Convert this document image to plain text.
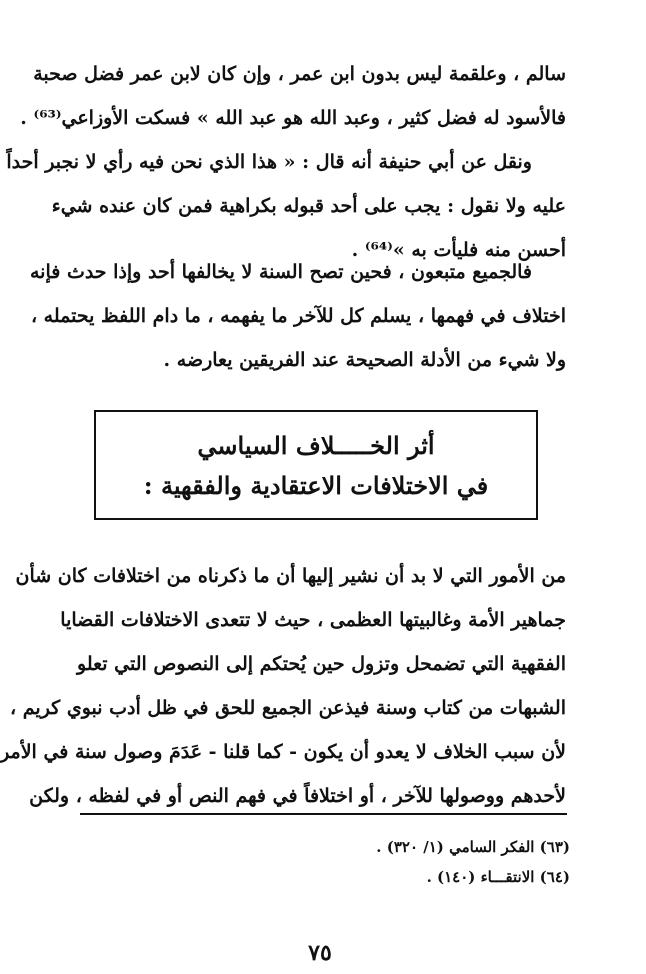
سالم ، وعلقمة ليس بدون ابن عمر ، وإن كان لابن عمر فضل صحبة
فالأسود له فضل كثير ، وعبد الله هو عبد الله » فسكت الأوزاعي⁽⁶³⁾ .
ونقل عن أبي حنيفة أنه قال : « هذا الذي نحن فيه رأي لا نجبر أحداً
عليه ولا نقول : يجب على أحد قبوله بكراهية فمن كان عنده شيء
أحسن منه فليأت به »⁽⁶⁴⁾ .
فالجميع متبعون ، فحين تصح السنة لا يخالفها أحد وإذا حدث فإنه
اختلاف في فهمها ، يسلم كل للآخر ما يفهمه ، ما دام اللفظ يحتمله ،
ولا شيء من الأدلة الصحيحة عند الفريقين يعارضه .
أثر الخـــــلاف السياسي
في الاختلافات الاعتقادية والفقهية :
من الأمور التي لا بد أن نشير إليها أن ما ذكرناه من اختلافات كان شأن
جماهير الأمة وغالبيتها العظمى ، حيث لا تتعدى الاختلافات القضايا
الفقهية التي تضمحل وتزول حين يُحتكم إلى النصوص التي تعلو
الشبهات من كتاب وسنة فيذعن الجميع للحق في ظل أدب نبوي كريم ،
لأن سبب الخلاف لا يعدو أن يكون - كما قلنا - عَدَمَ وصول سنة في الأمر
لأحدهم ووصولها للآخر ، أو اختلافاً في فهم النص أو في لفظه ، ولكن
(٦٣) الفكر السامي (١/ ٣٢٠) .
(٦٤) الانتقـــاء (١٤٠) .
٧٥
